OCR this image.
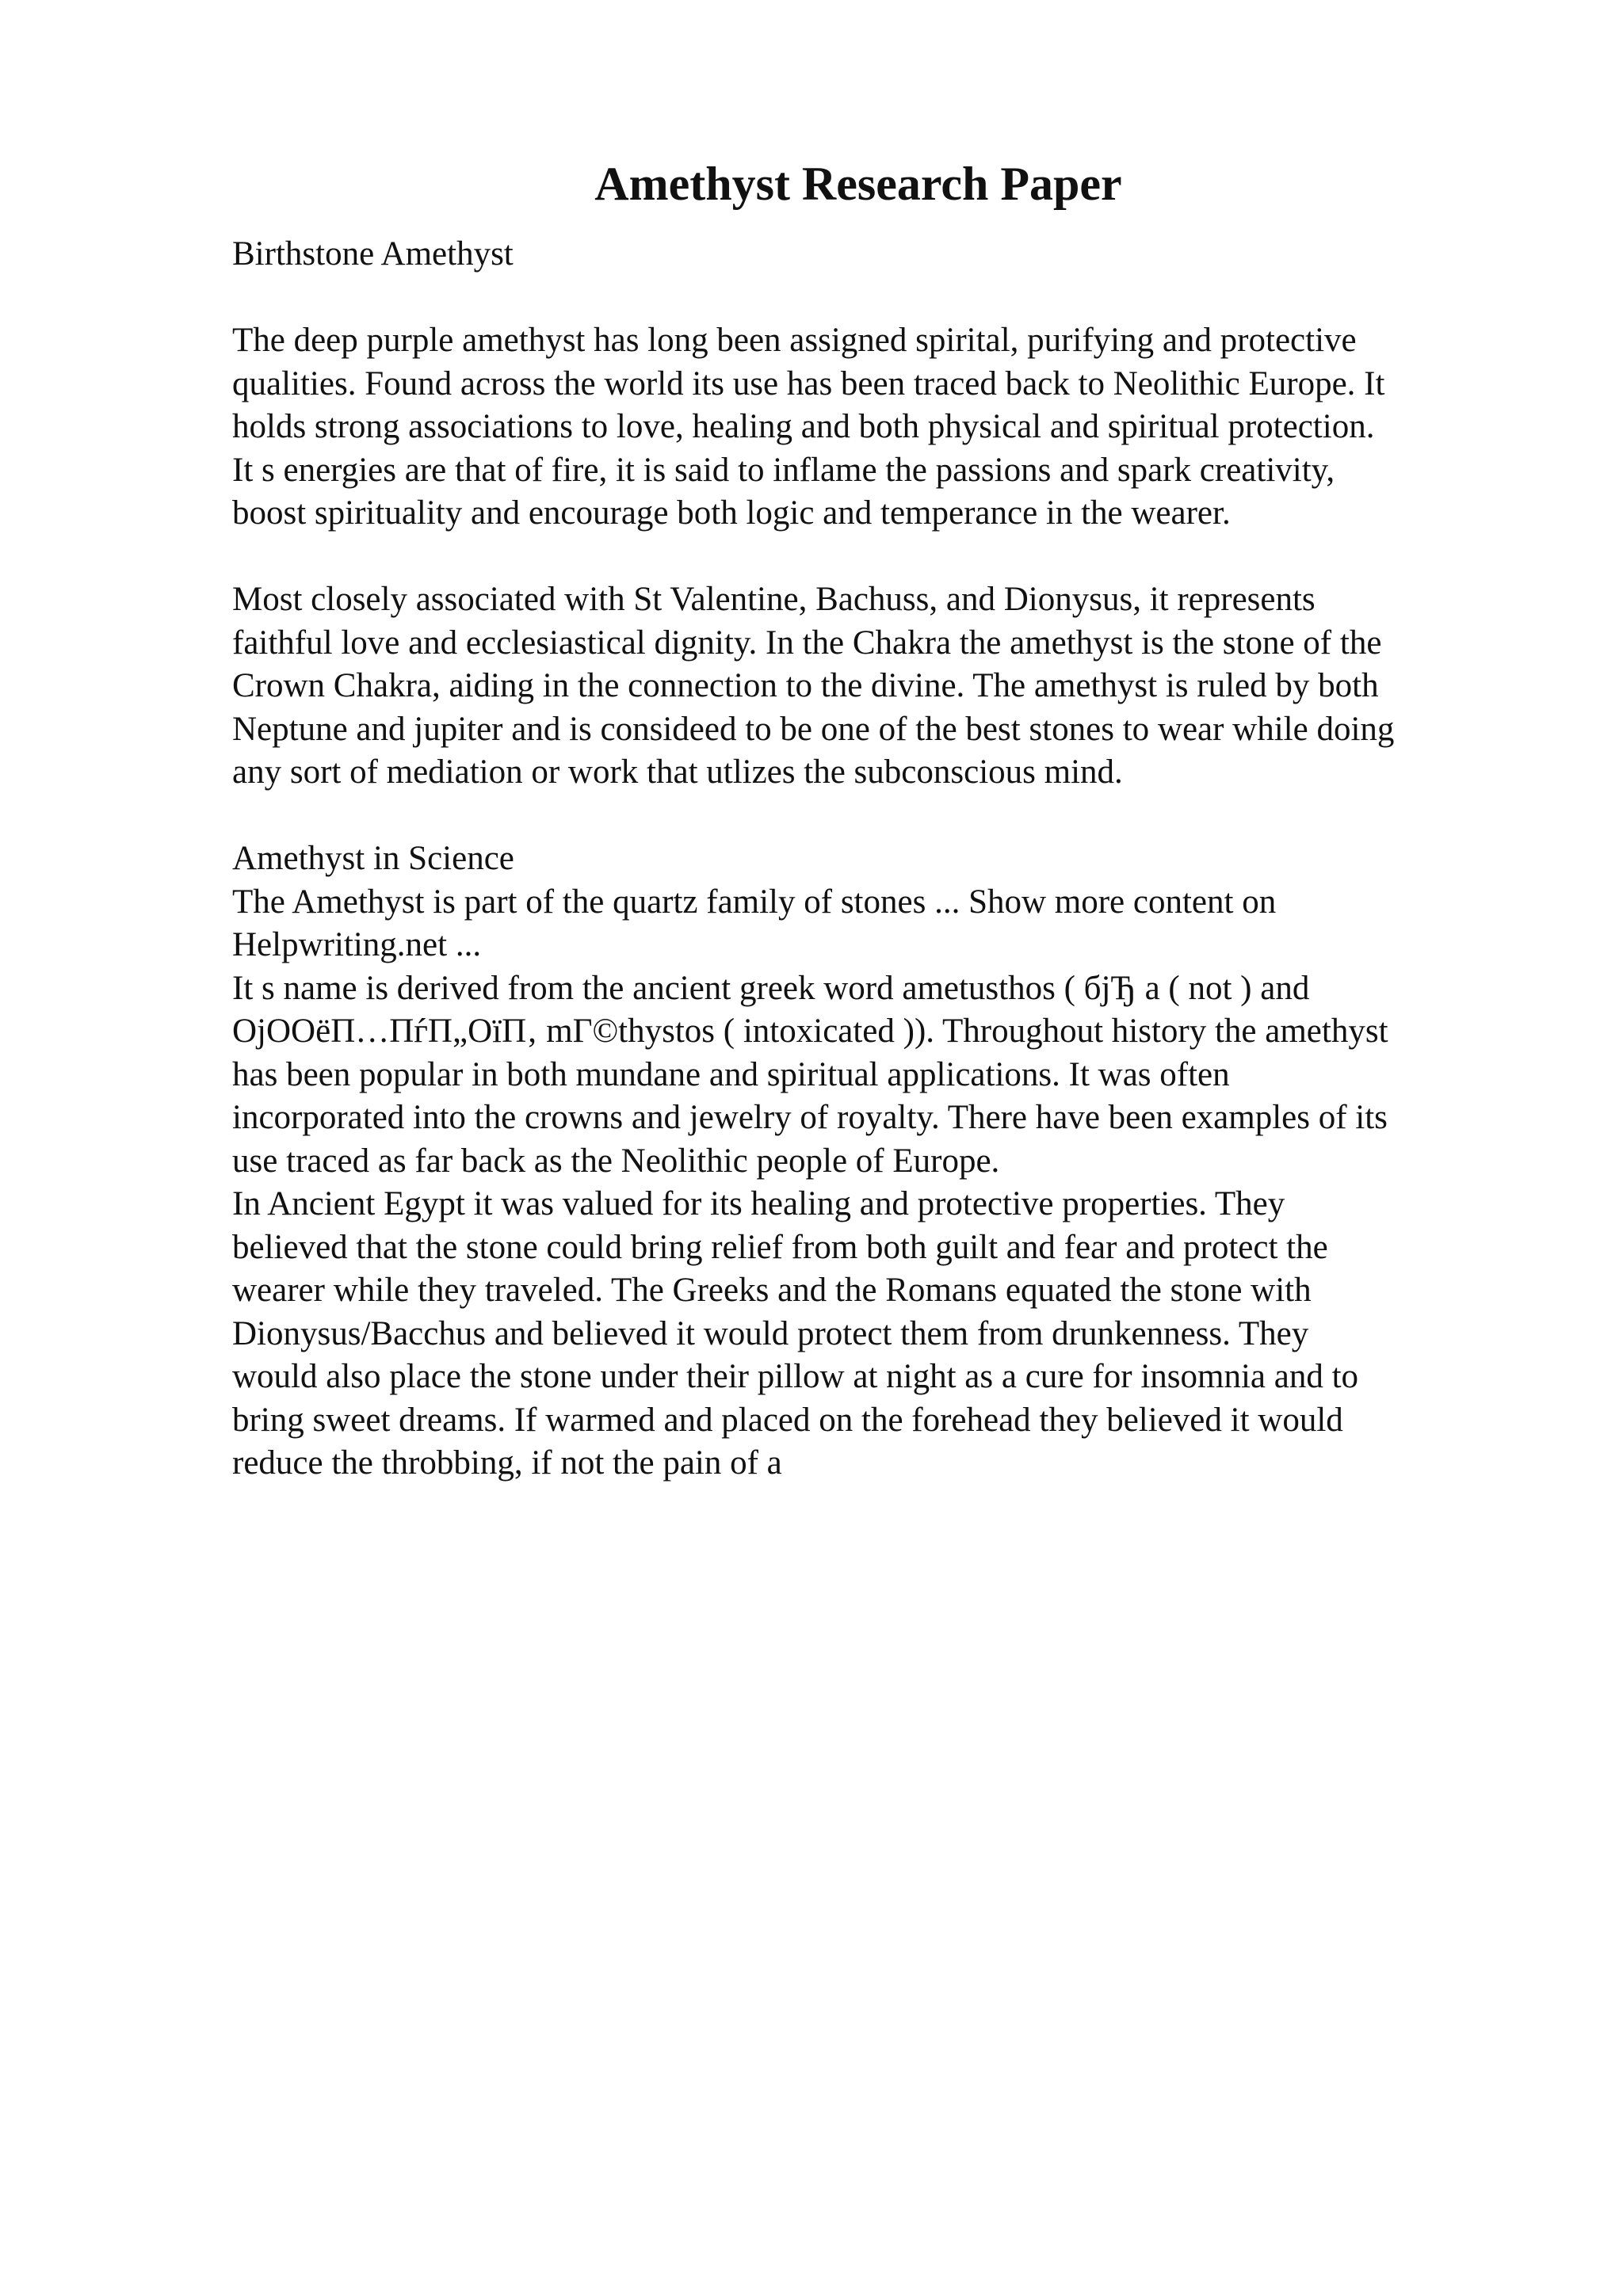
Amethyst Research Paper

Birthstone Amethyst

The deep purple amethyst has long been assigned spirital, purifying and protective

qualities. Found across the world its use has been traced back to Neolithic Europe. It

holds strong associations to love, healing and both physical and spiritual protection.

It s energies are that of fire, it is said to inflame the passions and spark creativity,

boost spirituality and encourage both logic and temperance in the wearer.

Most closely associated with St Valentine, Bachuss, and Dionysus, it represents

faithful love and ecclesiastical dignity. In the Chakra the amethyst is the stone of the

Crown Chakra, aiding in the connection to the divine. The amethyst is ruled by both

Neptune and jupiter and is consideed to be one of the best stones to wear while doing

any sort of mediation or work that utlizes the subconscious mind.

Amethyst in Science

The Amethyst is part of the quartz family of stones ... Show more content on

Helpwriting.net ...

It s name is derived from the ancient greek word ametusthos ( бјЂ a ( not ) and

ОјООёП…ПѓП„ОїП‚ mГ©thystos ( intoxicated )). Throughout history the amethyst

has been popular in both mundane and spiritual applications. It was often

incorporated into the crowns and jewelry of royalty. There have been examples of its

use traced as far back as the Neolithic people of Europe.

In Ancient Egypt it was valued for its healing and protective properties. They

believed that the stone could bring relief from both guilt and fear and protect the

wearer while they traveled. The Greeks and the Romans equated the stone with

Dionysus/Bacchus and believed it would protect them from drunkenness. They

would also place the stone under their pillow at night as a cure for insomnia and to

bring sweet dreams. If warmed and placed on the forehead they believed it would

reduce the throbbing, if not the pain of a
